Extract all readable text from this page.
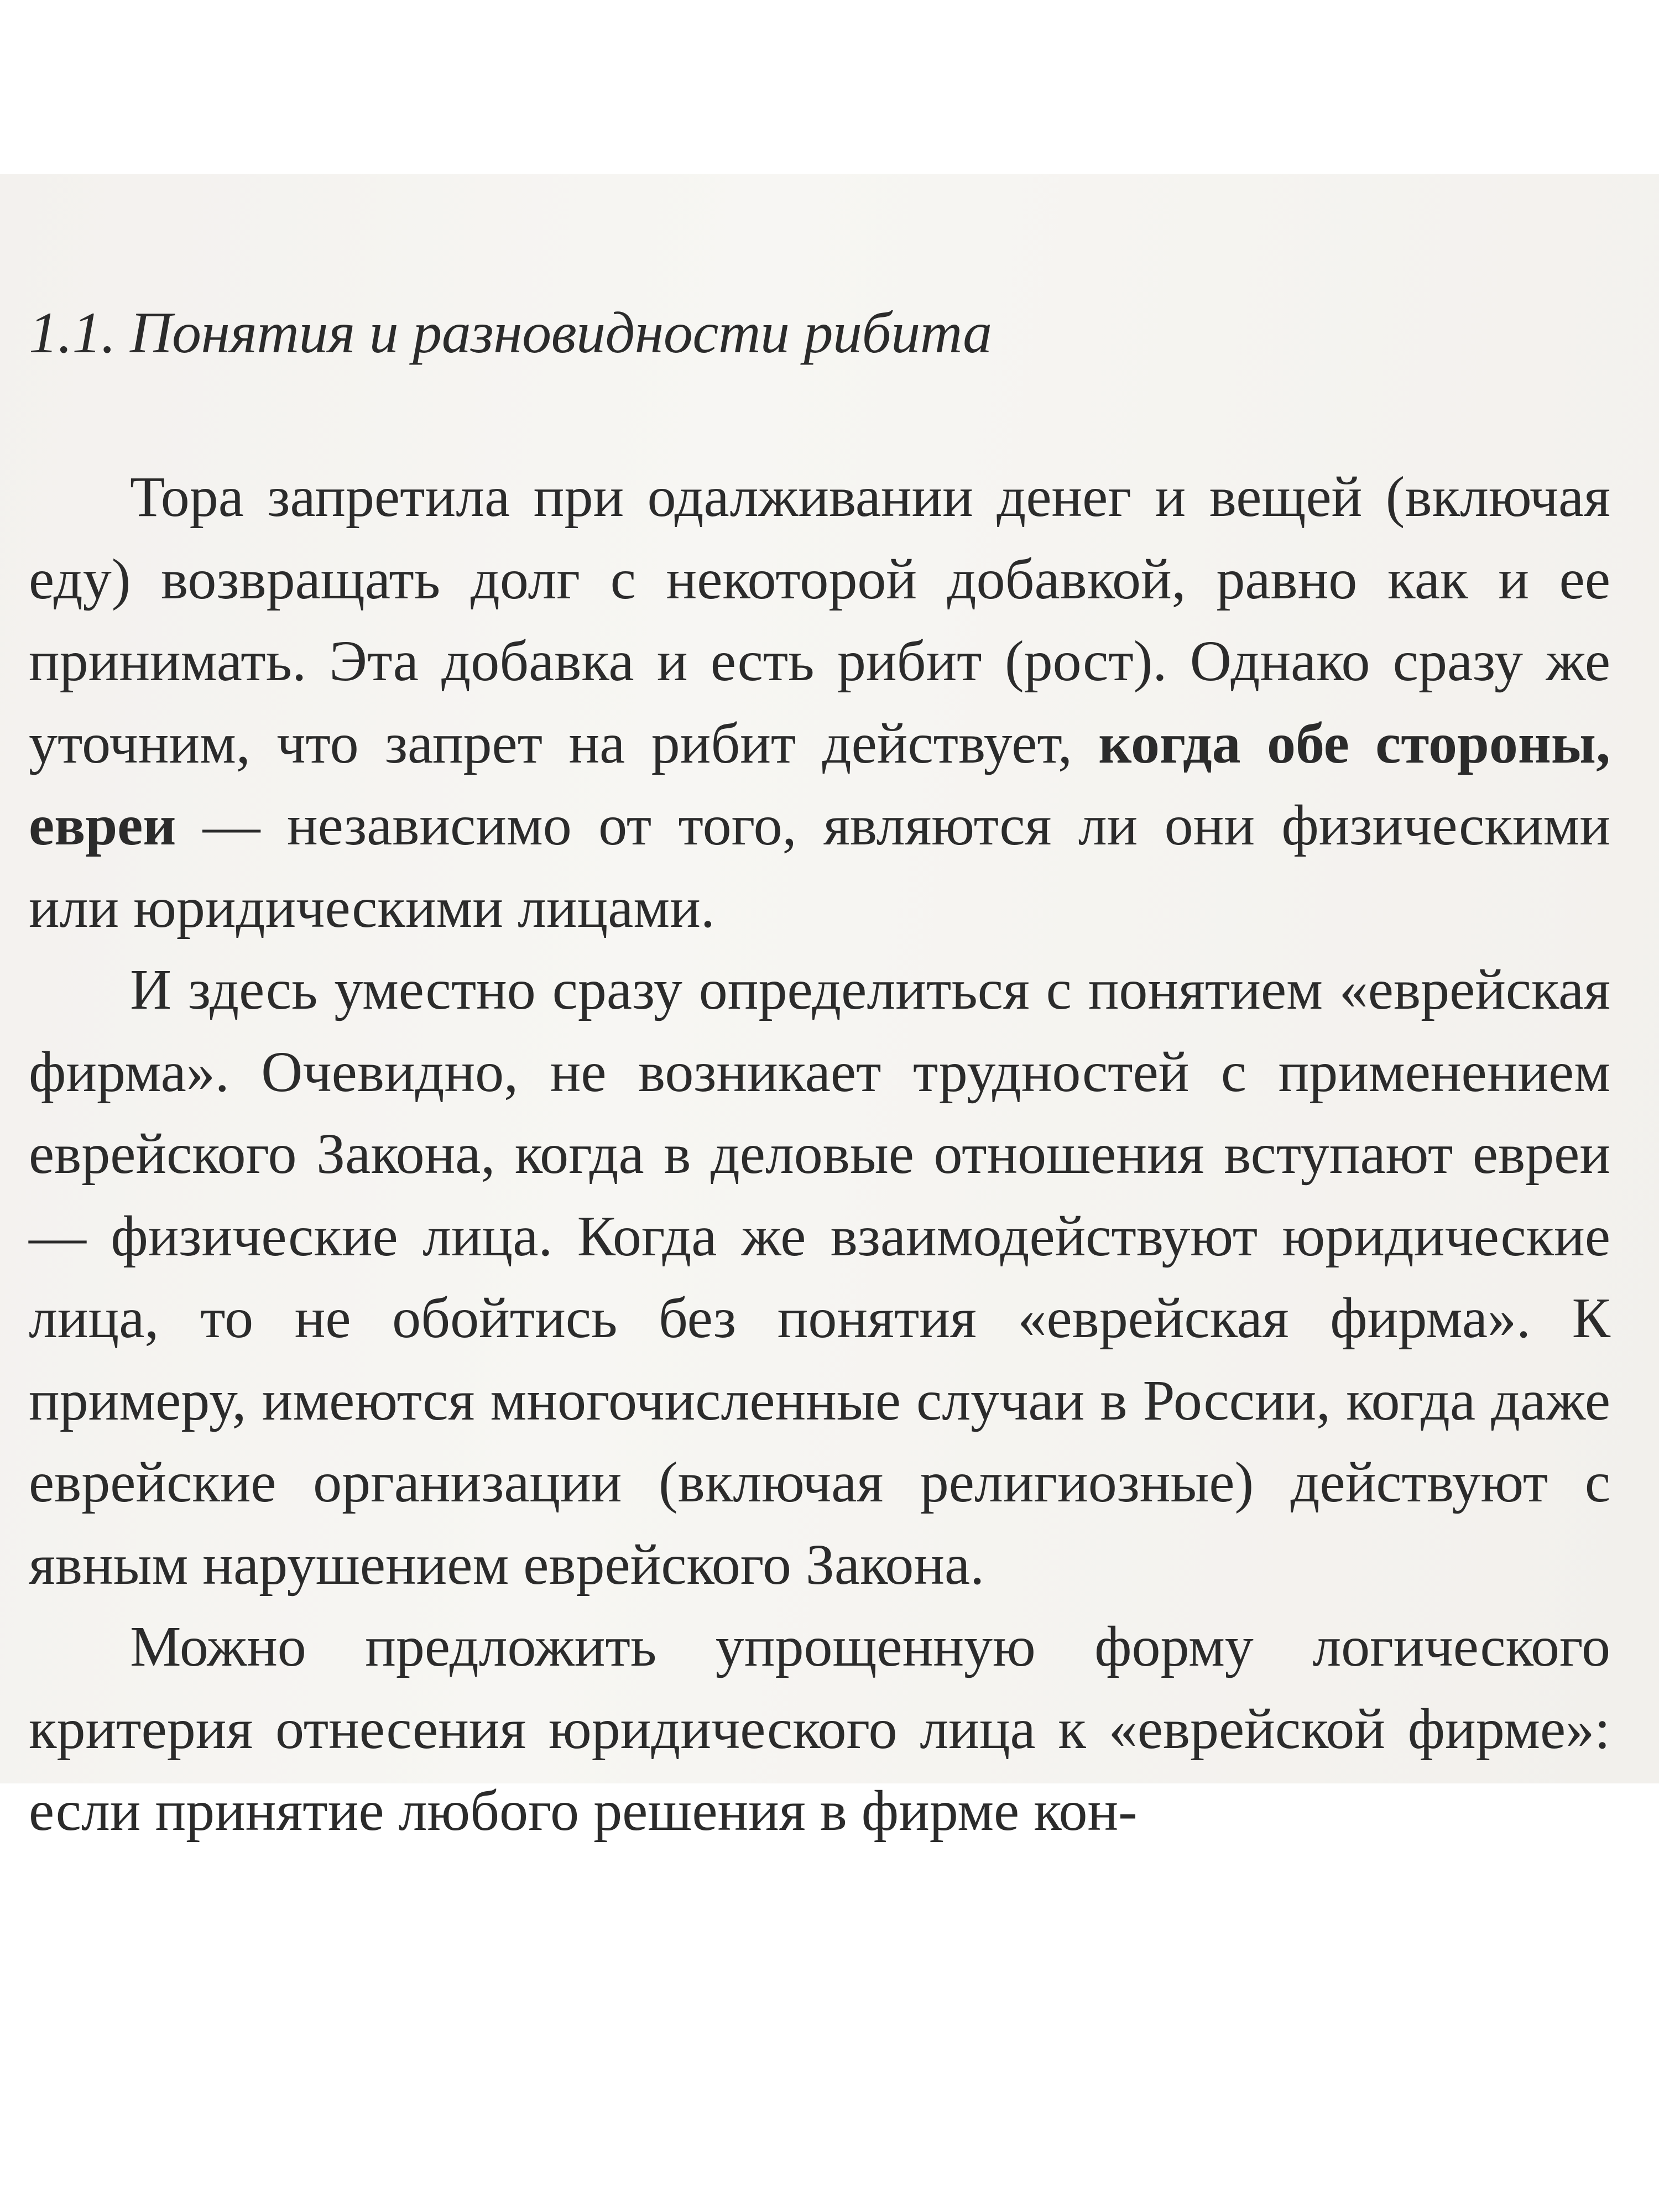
1.1. Понятия и разновидности рибита

Тора запретила при одалживании денег и вещей (включая еду) возвращать долг с некоторой добавкой, равно как и ее принимать. Эта добавка и есть рибит (рост). Однако сразу же уточним, что запрет на рибит действует, когда обе стороны, евреи — независимо от того, являются ли они физическими или юридическими лицами.

И здесь уместно сразу определиться с понятием «еврейская фирма». Очевидно, не возникает трудностей с применением еврейского Закона, когда в деловые отношения вступают евреи — физические лица. Когда же взаимодействуют юридические лица, то не обойтись без понятия «еврейская фирма». К примеру, имеются многочисленные случаи в России, когда даже еврейские организации (включая религиозные) действуют с явным нарушением еврейского Закона.

Можно предложить упрощенную форму логического критерия отнесения юридического лица к «еврейской фирме»: если принятие любого решения в фирме кон-
